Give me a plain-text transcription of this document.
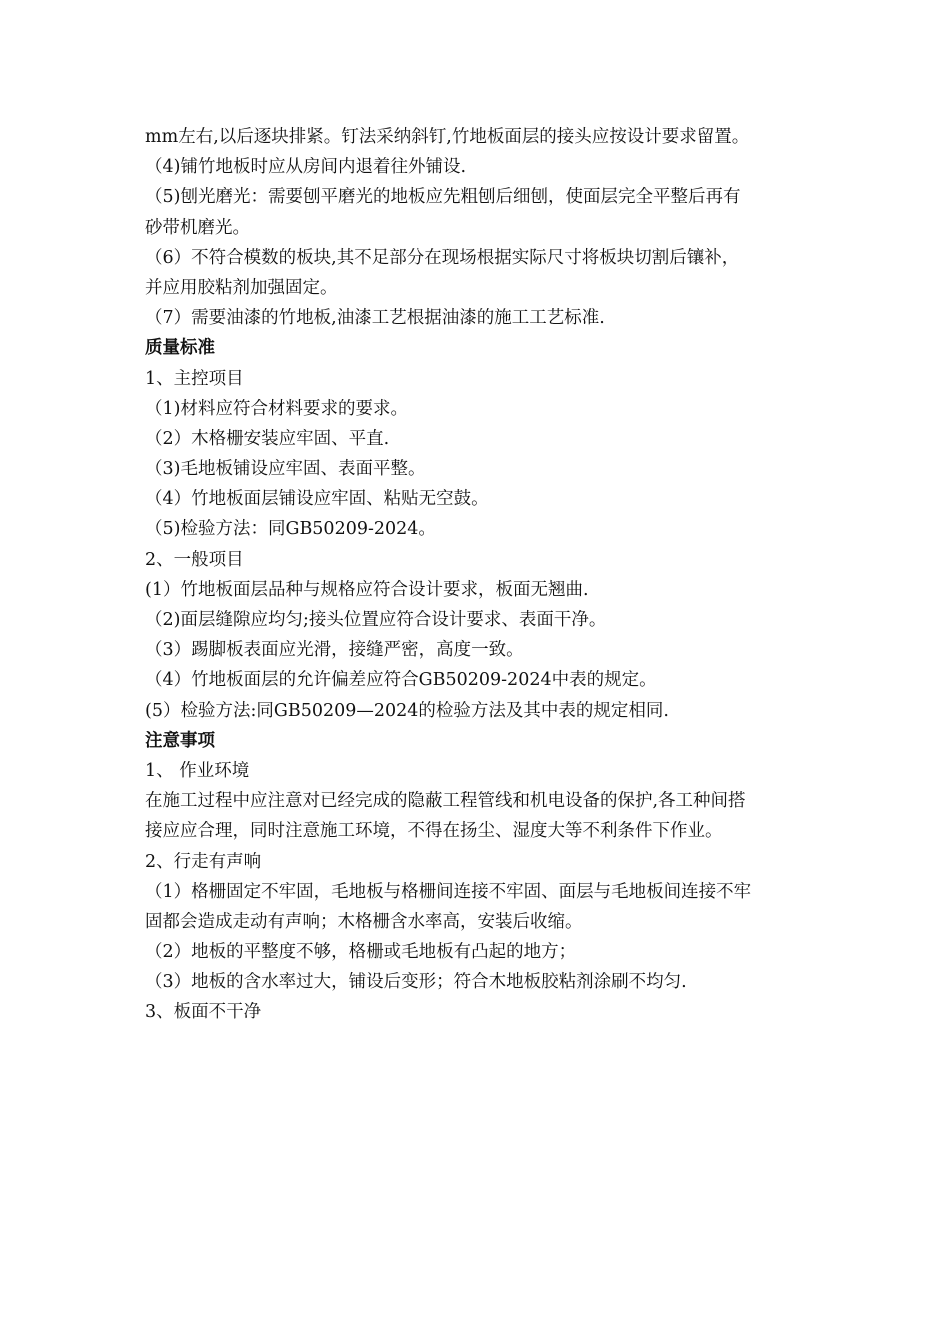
mm左右,以后逐块排紧。钉法采纳斜钉,竹地板面层的接头应按设计要求留置。
（4)铺竹地板时应从房间内退着往外铺设.
（5)刨光磨光：需要刨平磨光的地板应先粗刨后细刨，使面层完全平整后再有
砂带机磨光。
（6）不符合模数的板块,其不足部分在现场根据实际尺寸将板块切割后镶补，
并应用胶粘剂加强固定。
（7）需要油漆的竹地板,油漆工艺根据油漆的施工工艺标准.
质量标准
1、主控项目
（1)材料应符合材料要求的要求。
（2）木格栅安装应牢固、平直.
（3)毛地板铺设应牢固、表面平整。
（4）竹地板面层铺设应牢固、粘贴无空鼓。
（5)检验方法：同GB50209-2024。
2、一般项目
(1）竹地板面层品种与规格应符合设计要求，板面无翘曲.
（2)面层缝隙应均匀;接头位置应符合设计要求、表面干净。
（3）踢脚板表面应光滑，接缝严密，高度一致。
（4）竹地板面层的允许偏差应符合GB50209-2024中表的规定。
(5）检验方法:同GB50209—2024的检验方法及其中表的规定相同.
注意事项
1、 作业环境
在施工过程中应注意对已经完成的隐蔽工程管线和机电设备的保护,各工种间搭
接应应合理，同时注意施工环境，不得在扬尘、湿度大等不利条件下作业。
2、行走有声响
（1）格栅固定不牢固，毛地板与格栅间连接不牢固、面层与毛地板间连接不牢
固都会造成走动有声响；木格栅含水率高，安装后收缩。
（2）地板的平整度不够，格栅或毛地板有凸起的地方；
（3）地板的含水率过大，铺设后变形；符合木地板胶粘剂涂刷不均匀.
3、板面不干净
